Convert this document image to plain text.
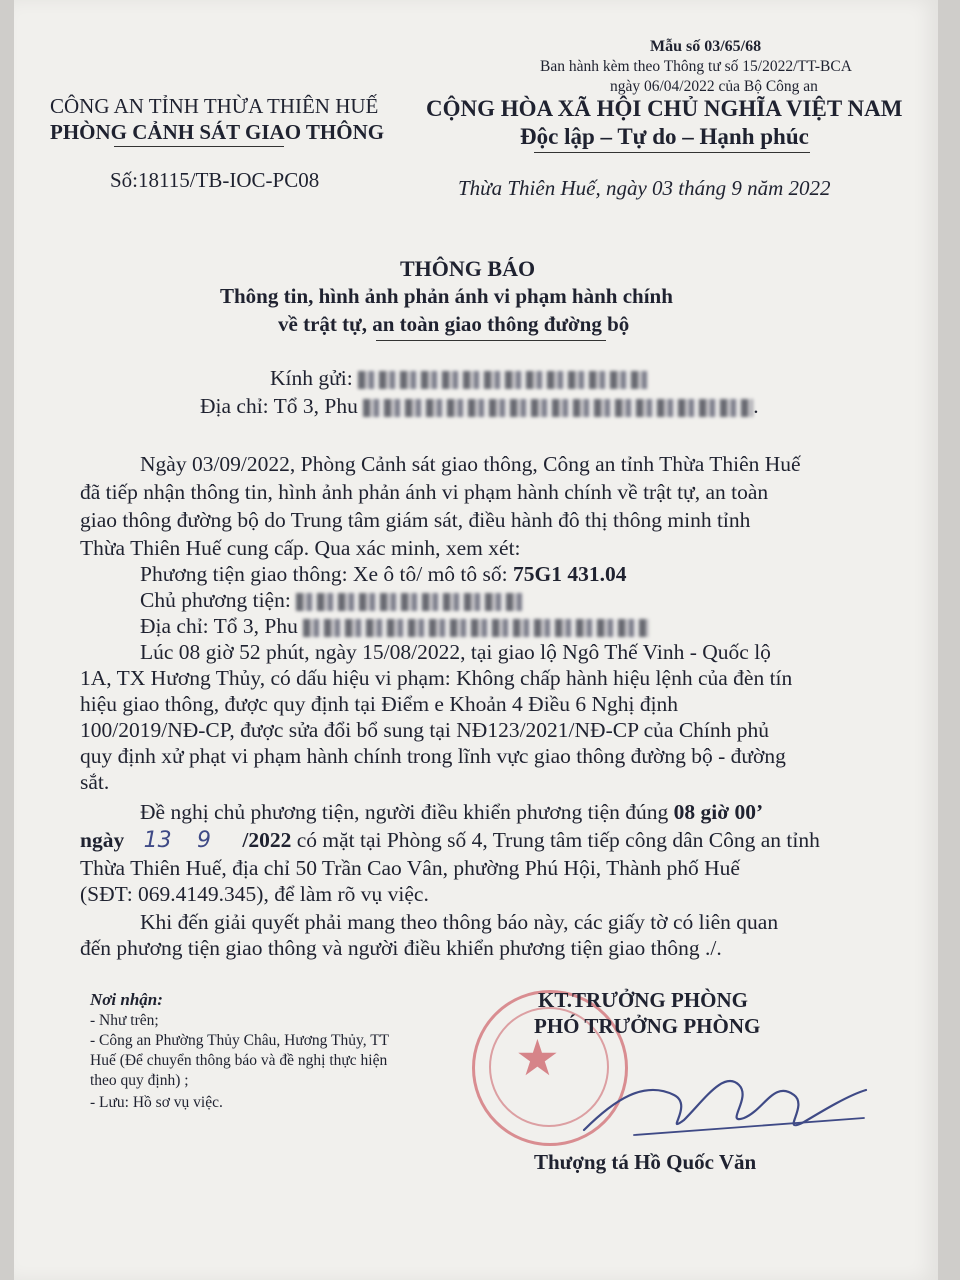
Mẫu số 03/65/68
Ban hành kèm theo Thông tư số 15/2022/TT-BCA
ngày 06/04/2022 của Bộ Công an
CÔNG AN TỈNH THỪA THIÊN HUẾ
PHÒNG CẢNH SÁT GIAO THÔNG
Số:18115/TB-IOC-PC08
CỘNG HÒA XÃ HỘI CHỦ NGHĨA VIỆT NAM
Độc lập – Tự do – Hạnh phúc
Thừa Thiên Huế, ngày 03 tháng 9 năm 2022
THÔNG BÁO
Thông tin, hình ảnh phản ánh vi phạm hành chính
về trật tự, an toàn giao thông đường bộ
Kính gửi:
Địa chỉ: Tổ 3, Phu	.
Ngày 03/09/2022, Phòng Cảnh sát giao thông, Công an tỉnh Thừa Thiên Huế
đã tiếp nhận thông tin, hình ảnh phản ánh vi phạm hành chính về trật tự, an toàn
giao thông đường bộ do Trung tâm giám sát, điều hành đô thị thông minh tỉnh
Thừa Thiên Huế cung cấp. Qua xác minh, xem xét:
Phương tiện giao thông: Xe ô tô/ mô tô số: 75G1 431.04
Chủ phương tiện:
Địa chỉ: Tổ 3, Phu
Lúc 08 giờ 52 phút, ngày 15/08/2022, tại giao lộ Ngô Thế Vinh - Quốc lộ
1A, TX Hương Thủy, có dấu hiệu vi phạm: Không chấp hành hiệu lệnh của đèn tín
hiệu giao thông, được quy định tại Điểm e Khoản 4 Điều 6 Nghị định
100/2019/NĐ-CP, được sửa đổi bổ sung tại NĐ123/2021/NĐ-CP của Chính phủ
quy định xử phạt vi phạm hành chính trong lĩnh vực giao thông đường bộ - đường
sắt.
Đề nghị chủ phương tiện, người điều khiển phương tiện đúng 08 giờ 00’
ngày 13 9 /2022 có mặt tại Phòng số 4, Trung tâm tiếp công dân Công an tỉnh
Thừa Thiên Huế, địa chỉ 50 Trần Cao Vân, phường Phú Hội, Thành phố Huế
(SĐT: 069.4149.345), để làm rõ vụ việc.
Khi đến giải quyết phải mang theo thông báo này, các giấy tờ có liên quan
đến phương tiện giao thông và người điều khiển phương tiện giao thông ./.
Nơi nhận:
- Như trên;
- Công an Phường Thủy Châu, Hương Thủy, TT
Huế (Để chuyển thông báo và đề nghị thực hiện
theo quy định) ;
- Lưu: Hồ sơ vụ việc.
★
KT.TRƯỞNG PHÒNG
PHÓ TRƯỞNG PHÒNG
Thượng tá Hồ Quốc Văn
